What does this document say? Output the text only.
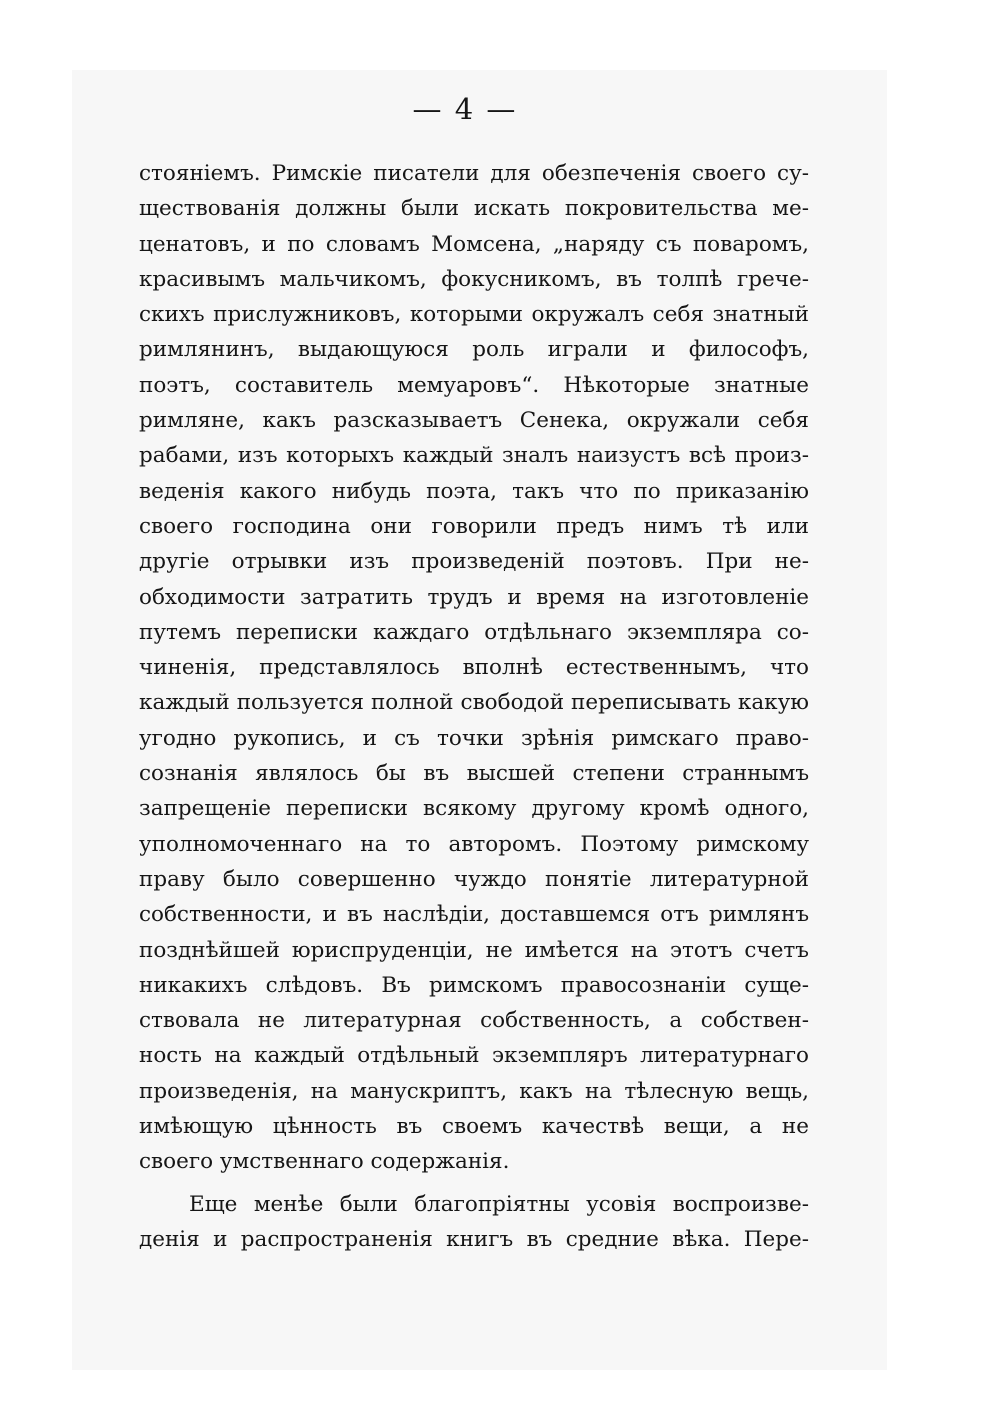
— 4 —
стоянiемъ. Римскiе писатели для обезпеченiя своего су-
ществованiя должны были искать покровительства ме-
ценатовъ, и по словамъ Момсена, „наряду съ поваромъ,
красивымъ мальчикомъ, фокусникомъ, въ толпѣ грече-
скихъ прислужниковъ, которыми окружалъ себя знатный
римлянинъ, выдающуюся роль играли и философъ,
поэтъ, составитель мемуаровъ“. Нѣкоторые знатные
римляне, какъ разсказываетъ Сенека, окружали себя
рабами, изъ которыхъ каждый зналъ наизустъ всѣ произ-
веденiя какого нибудь поэта, такъ что по приказанiю
своего господина они говорили предъ нимъ тѣ или
другiе отрывки изъ произведенiй поэтовъ. При не-
обходимости затратить трудъ и время на изготовленiе
путемъ переписки каждаго отдѣльнаго экземпляра со-
чиненiя, представлялось вполнѣ естественнымъ, что
каждый пользуется полной свободой переписывать какую
угодно рукопись, и съ точки зрѣнiя римскаго право-
сознанiя являлось бы въ высшей степени страннымъ
запрещенiе переписки всякому другому кромѣ одного,
уполномоченнаго на то авторомъ. Поэтому римскому
праву было совершенно чуждо понятiе литературной
собственности, и въ наслѣдiи, доставшемся отъ римлянъ
позднѣйшей юриспруденцiи, не имѣется на этотъ счетъ
никакихъ слѣдовъ. Въ римскомъ правосознанiи суще-
ствовала не литературная собственность, а собствен-
ность на каждый отдѣльный экземпляръ литературнаго
произведенiя, на манускриптъ, какъ на тѣлесную вещь,
имѣющую цѣнность въ своемъ качествѣ вещи, а не
своего умственнаго содержанiя.
Еще менѣе были благопрiятны усовiя воспроизве-
денiя и распространенiя книгъ въ средние вѣка. Пере-
